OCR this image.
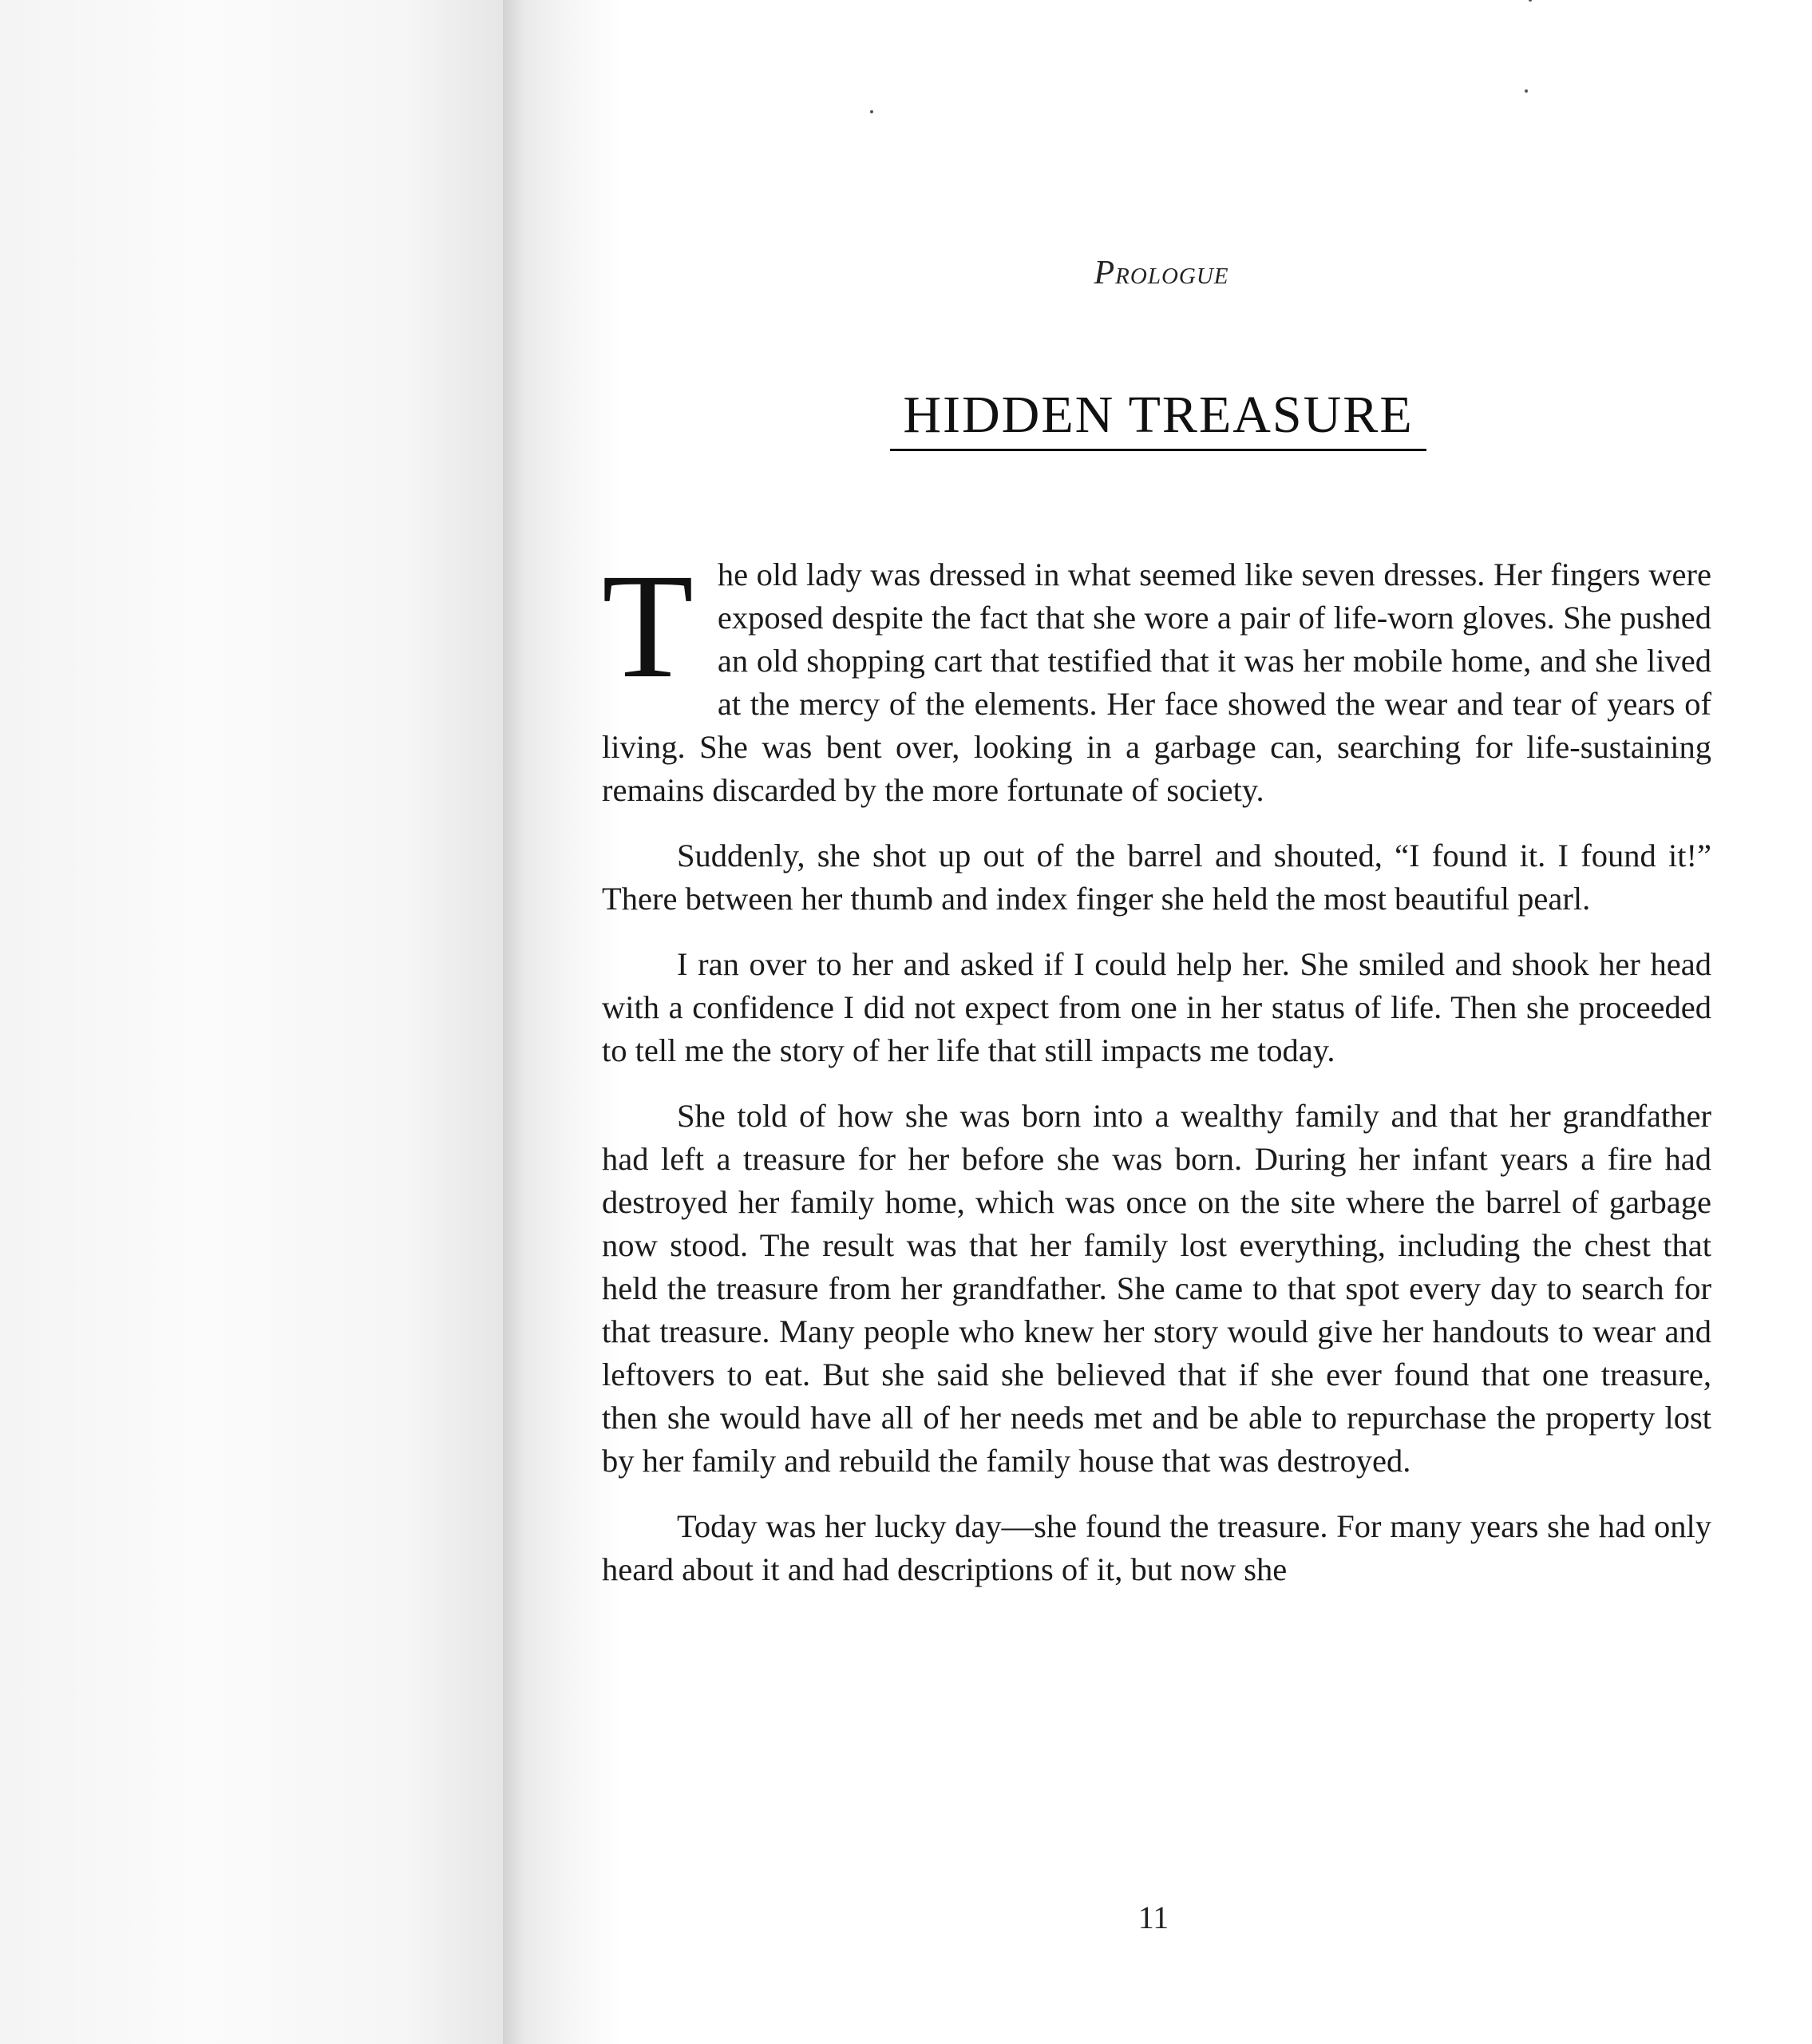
Prologue
HIDDEN TREASURE

The old lady was dressed in what seemed like seven dresses. Her fingers were exposed despite the fact that she wore a pair of life-worn gloves. She pushed an old shopping cart that testified that it was her mobile home, and she lived at the mercy of the elements. Her face showed the wear and tear of years of living. She was bent over, looking in a garbage can, searching for life-sustaining remains discarded by the more fortunate of society.

Suddenly, she shot up out of the barrel and shouted, “I found it. I found it!” There between her thumb and index finger she held the most beautiful pearl.

I ran over to her and asked if I could help her. She smiled and shook her head with a confidence I did not expect from one in her status of life. Then she proceeded to tell me the story of her life that still impacts me today.

She told of how she was born into a wealthy family and that her grandfather had left a treasure for her before she was born. During her infant years a fire had destroyed her family home, which was once on the site where the barrel of garbage now stood. The result was that her family lost everything, including the chest that held the treasure from her grandfather. She came to that spot every day to search for that treasure. Many people who knew her story would give her handouts to wear and leftovers to eat. But she said she believed that if she ever found that one treasure, then she would have all of her needs met and be able to repurchase the property lost by her family and rebuild the family house that was destroyed.

Today was her lucky day—she found the treasure. For many years she had only heard about it and had descriptions of it, but now she

11
